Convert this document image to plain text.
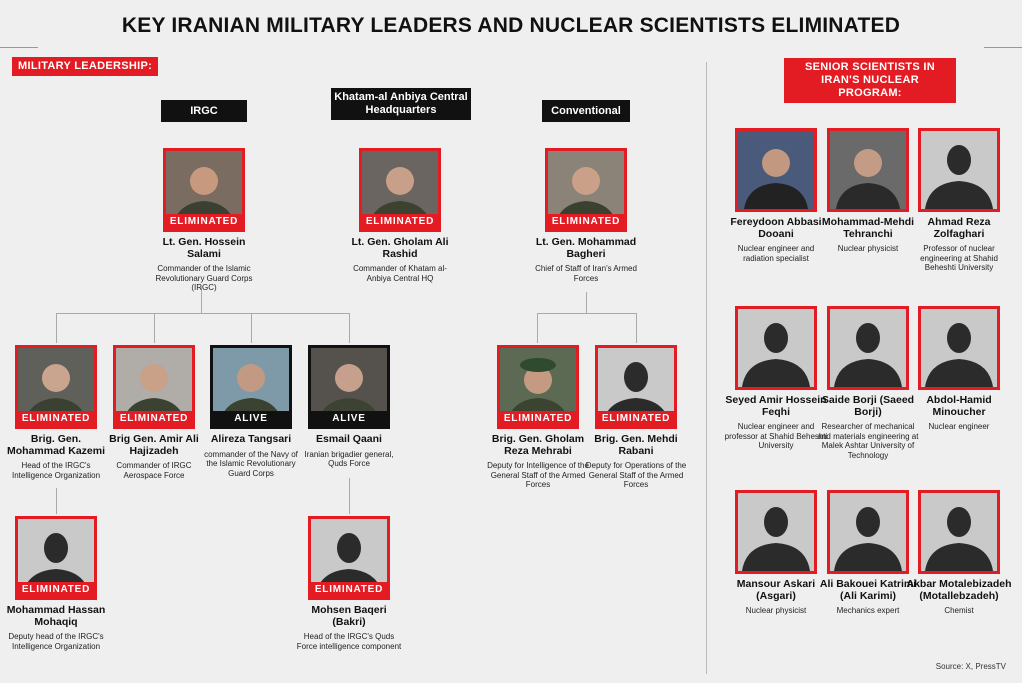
KEY IRANIAN MILITARY LEADERS AND NUCLEAR SCIENTISTS ELIMINATED
MILITARY LEADERSHIP:	SENIOR SCIENTISTS IN IRAN'S NUCLEAR PROGRAM:
IRGC
Khatam-al Anbiya Central Headquarters	Conventional
ELIMINATED
Lt. Gen. Hossein Salami
Commander of the Islamic Revolutionary Guard Corps (IRGC)
ELIMINATED
Lt. Gen. Gholam Ali Rashid
Commander of Khatam al-Anbiya Central HQ
ELIMINATED
Lt. Gen. Mohammad Bagheri
Chief of Staff of Iran's Armed Forces
ELIMINATED
Brig. Gen. Mohammad Kazemi
Head of the IRGC's Intelligence Organization
ELIMINATED
Brig Gen. Amir Ali Hajizadeh
Commander of IRGC Aerospace Force
ALIVE
Alireza Tangsari
commander of the Navy of the Islamic Revolutionary Guard Corps
ALIVE
Esmail Qaani
Iranian brigadier general, Quds Force
ELIMINATED
Brig. Gen. Gholam Reza Mehrabi
Deputy for Intelligence of the General Staff of the Armed Forces
ELIMINATED
Brig. Gen. Mehdi Rabani
Deputy for Operations of the General Staff of the Armed Forces
ELIMINATED
Mohammad Hassan Mohaqiq
Deputy head of the IRGC's Intelligence Organization
ELIMINATED
Mohsen Baqeri (Bakri)
Head of the IRGC's Quds Force intelligence component
Fereydoon Abbasi Dooani
Nuclear engineer and radiation specialist
Mohammad-Mehdi Tehranchi
Nuclear physicist
Ahmad Reza Zolfaghari
Professor of nuclear engineering at Shahid Beheshti University
Seyed Amir Hossein Feqhi
Nuclear engineer and professor at Shahid Beheshti University
Saide Borji (Saeed Borji)
Researcher of mechanical and materials engineering at Malek Ashtar University of Technology
Abdol-Hamid Minoucher
Nuclear engineer
Mansour Askari (Asgari)
Nuclear physicist
Ali Bakouei Katrimi (Ali Karimi)
Mechanics expert
Akbar Motalebizadeh (Motallebzadeh)
Chemist
Source: X, PressTV
